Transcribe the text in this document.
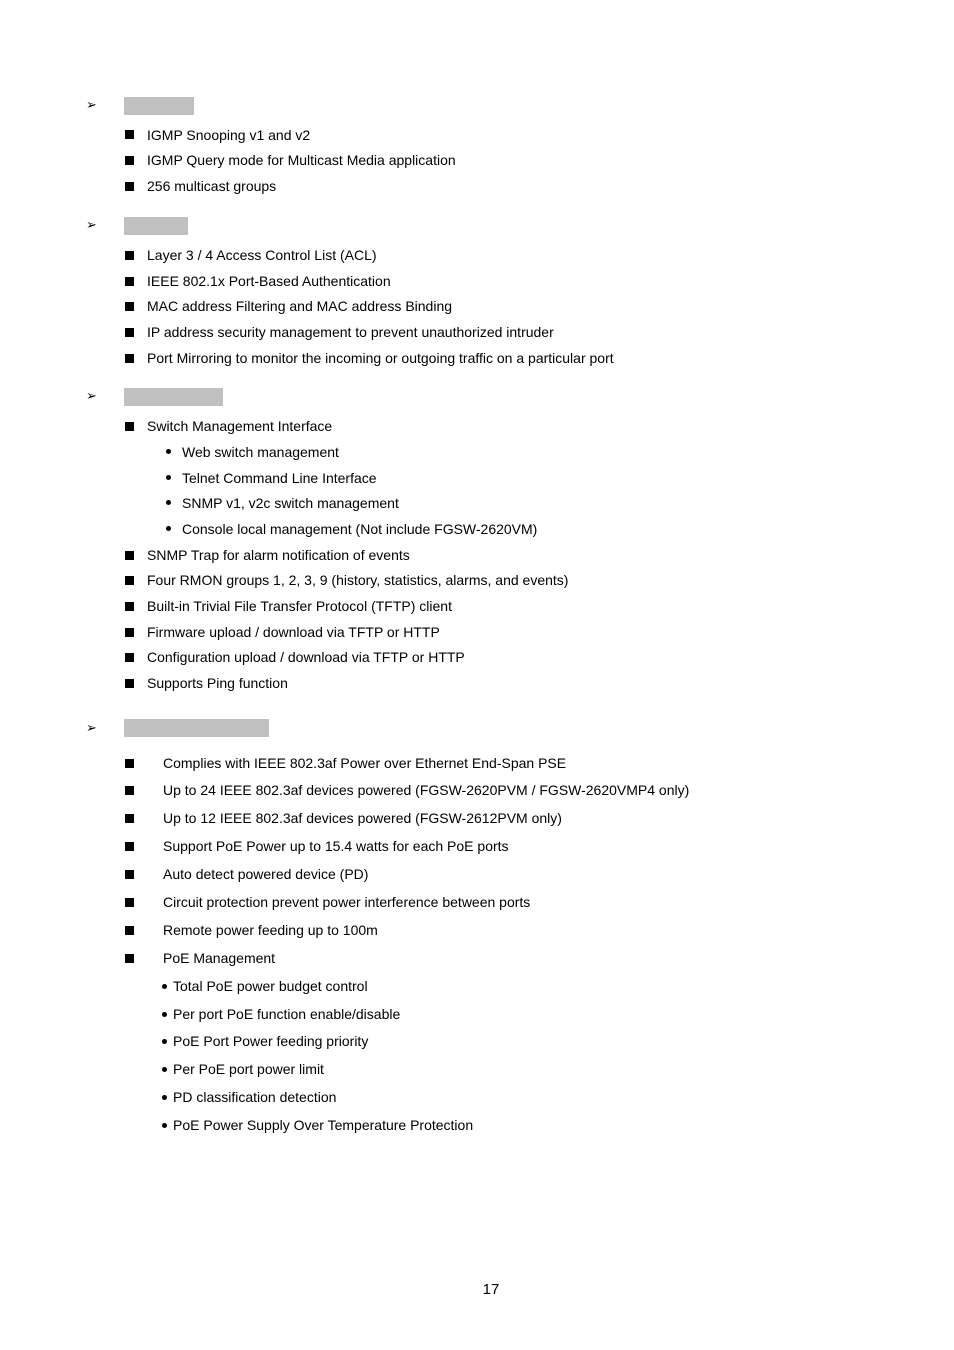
➢
IGMP Snooping v1 and v2
IGMP Query mode for Multicast Media application
256 multicast groups
➢
Layer 3 / 4 Access Control List (ACL)
IEEE 802.1x Port-Based Authentication
MAC address Filtering and MAC address Binding
IP address security management to prevent unauthorized intruder
Port Mirroring to monitor the incoming or outgoing traffic on a particular port
➢
Switch Management Interface
Web switch management
Telnet Command Line Interface
SNMP v1, v2c switch management
Console local management (Not include FGSW-2620VM)
SNMP Trap for alarm notification of events
Four RMON groups 1, 2, 3, 9 (history, statistics, alarms, and events)
Built-in Trivial File Transfer Protocol (TFTP) client
Firmware upload / download via TFTP or HTTP
Configuration upload / download via TFTP or HTTP
Supports Ping function
➢
Complies with IEEE 802.3af Power over Ethernet End-Span PSE
Up to 24 IEEE 802.3af devices powered (FGSW-2620PVM / FGSW-2620VMP4 only)
Up to 12 IEEE 802.3af devices powered (FGSW-2612PVM only)
Support PoE Power up to 15.4 watts for each PoE ports
Auto detect powered device (PD)
Circuit protection prevent power interference between ports
Remote power feeding up to 100m
PoE Management
Total PoE power budget control
Per port PoE function enable/disable
PoE Port Power feeding priority
Per PoE port power limit
PD classification detection
PoE Power Supply Over Temperature Protection
17
